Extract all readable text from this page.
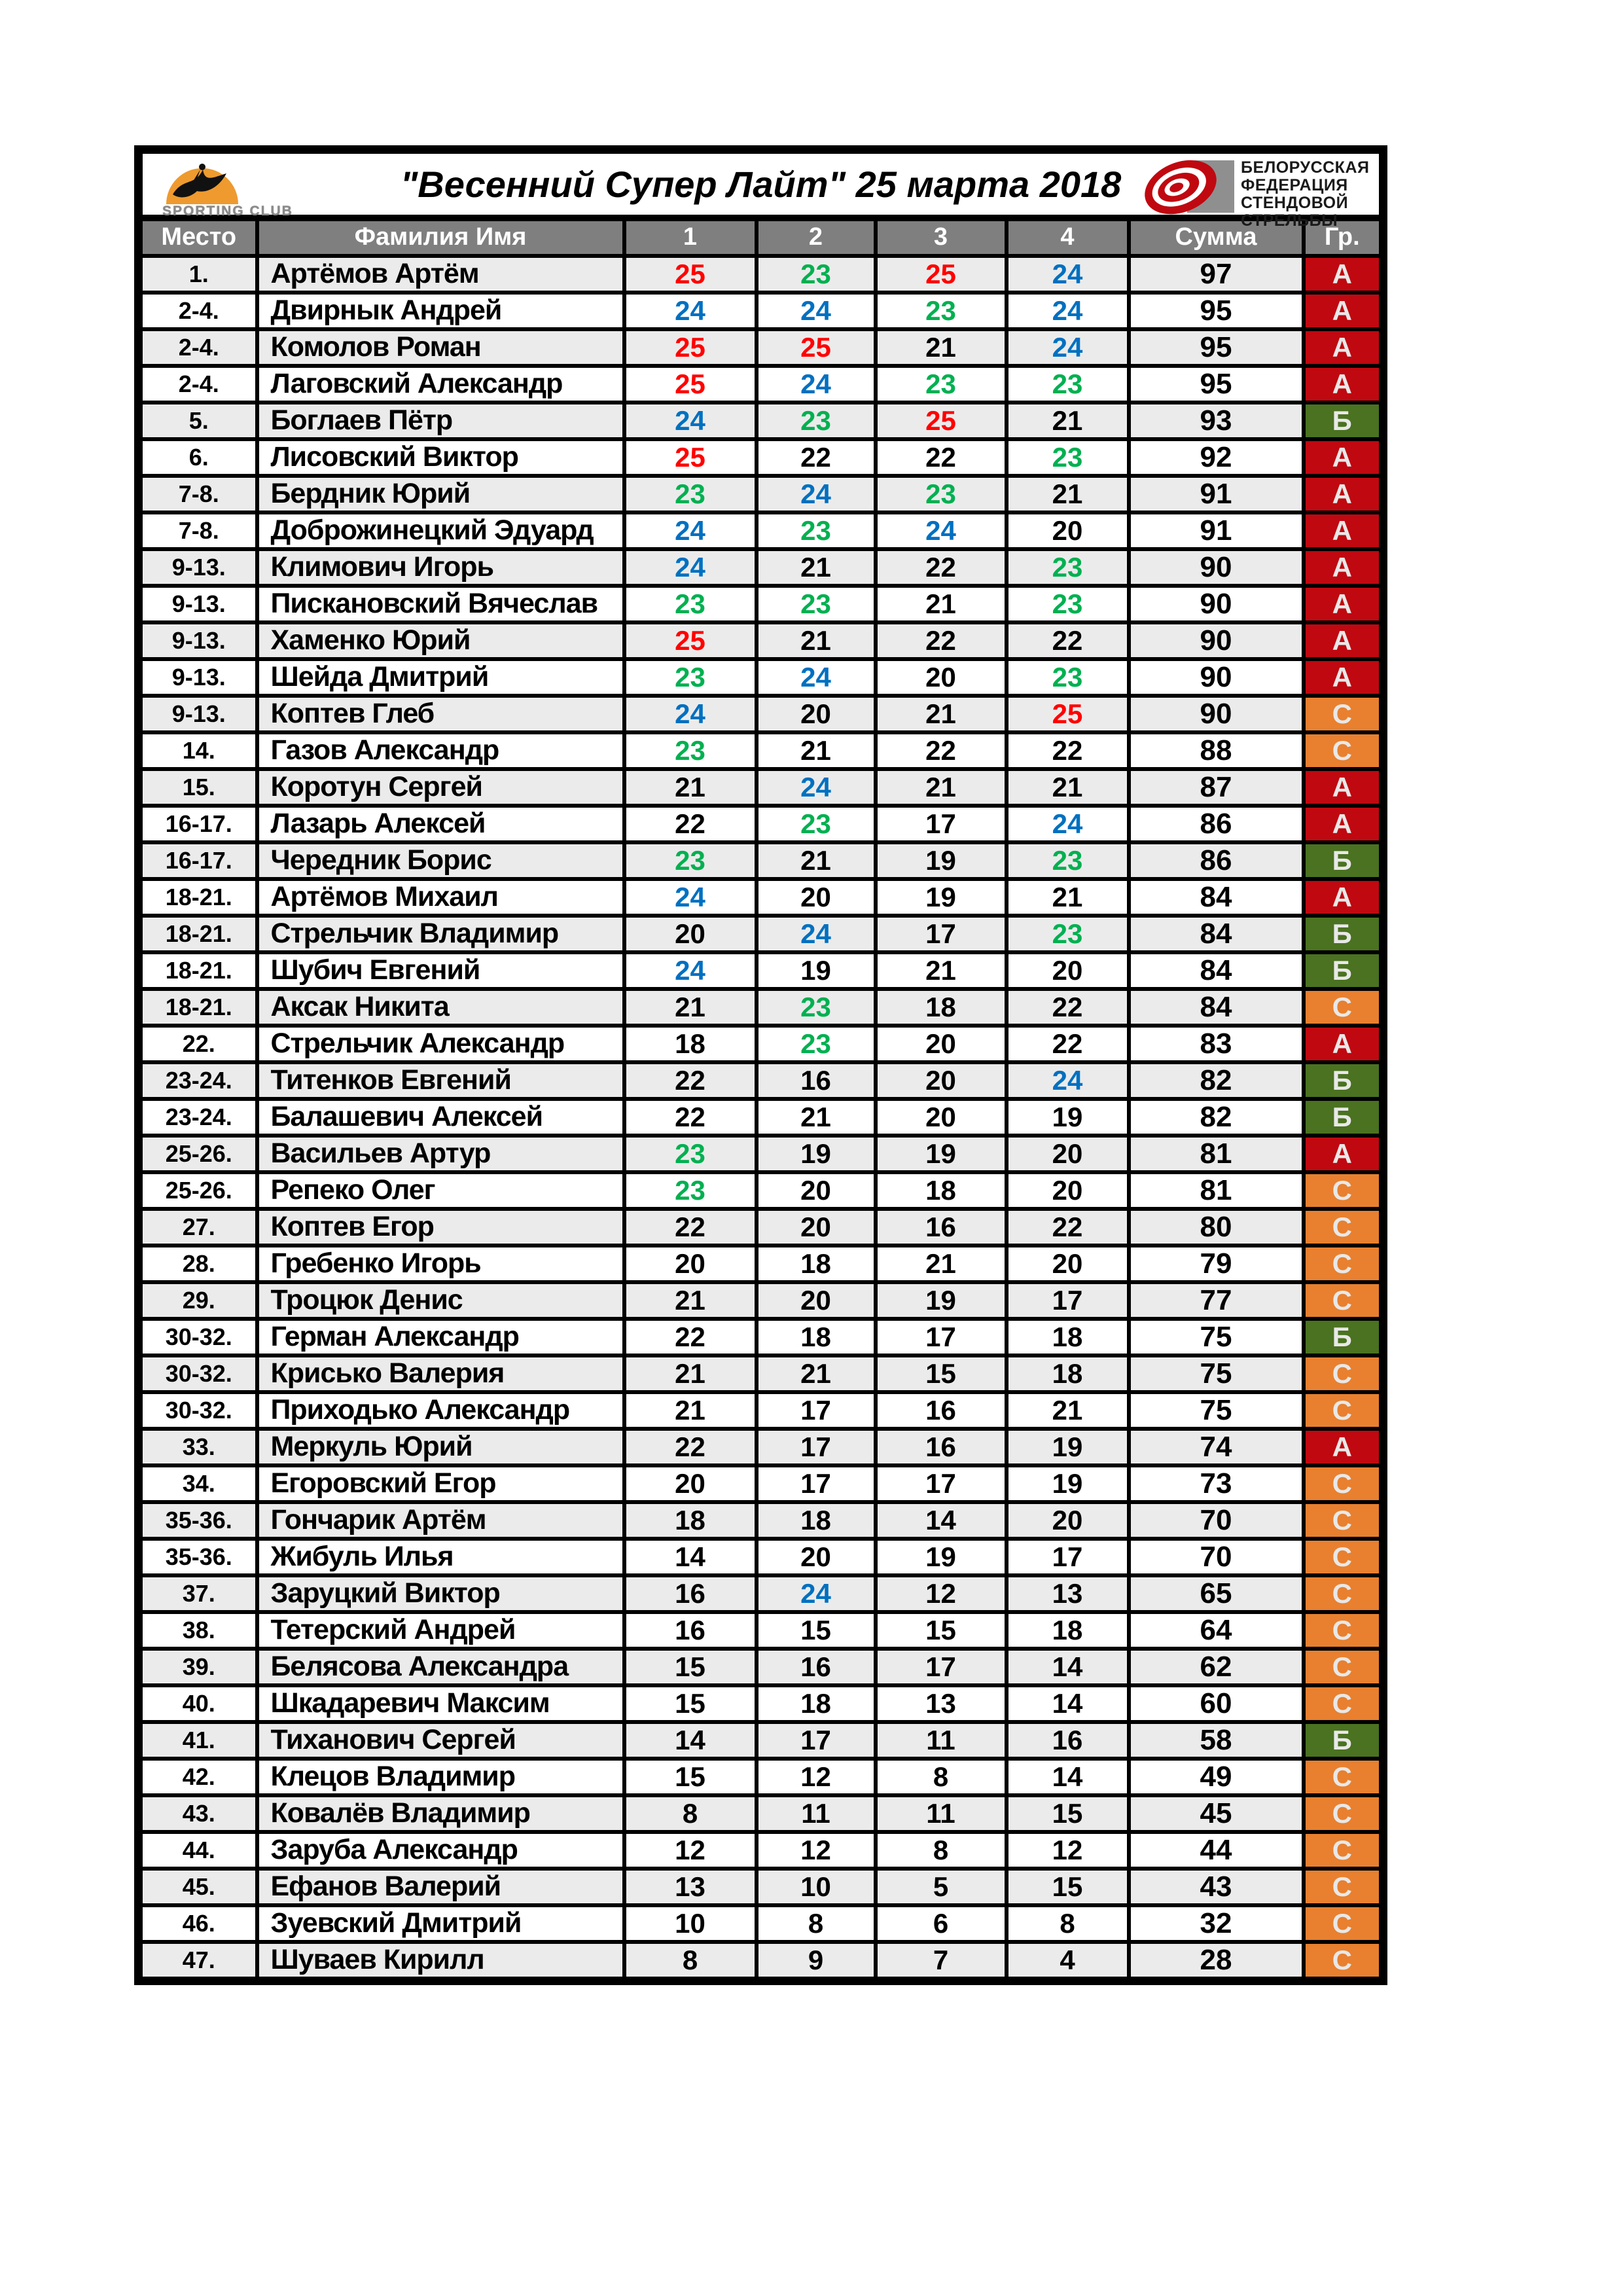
SPORTING CLUB
"Весенний Супер Лайт" 25 марта 2018	БЕЛОРУССКАЯ
ФЕДЕРАЦИЯ
СТЕНДОВОЙ
СТРЕЛЬБЫ

Место	Фамилия Имя	1	2	3	4	Сумма	Гр.
1.	Артёмов Артём	25	23	25	24	97	А
2-4.	Двирнык Андрей	24	24	23	24	95	А
2-4.	Комолов Роман	25	25	21	24	95	А
2-4.	Лаговский Александр	25	24	23	23	95	А
5.	Боглаев Пётр	24	23	25	21	93	Б
6.	Лисовский Виктор	25	22	22	23	92	А
7-8.	Бердник Юрий	23	24	23	21	91	А
7-8.	Доброжинецкий Эдуард	24	23	24	20	91	А
9-13.	Климович Игорь	24	21	22	23	90	А
9-13.	Пискановский Вячеслав	23	23	21	23	90	А
9-13.	Хаменко Юрий	25	21	22	22	90	А
9-13.	Шейда Дмитрий	23	24	20	23	90	А
9-13.	Коптев Глеб	24	20	21	25	90	С
14.	Газов Александр	23	21	22	22	88	С
15.	Коротун Сергей	21	24	21	21	87	А
16-17.	Лазарь Алексей	22	23	17	24	86	А
16-17.	Чередник Борис	23	21	19	23	86	Б
18-21.	Артёмов Михаил	24	20	19	21	84	А
18-21.	Стрельчик Владимир	20	24	17	23	84	Б
18-21.	Шубич Евгений	24	19	21	20	84	Б
18-21.	Аксак Никита	21	23	18	22	84	С
22.	Стрельчик Александр	18	23	20	22	83	А
23-24.	Титенков Евгений	22	16	20	24	82	Б
23-24.	Балашевич Алексей	22	21	20	19	82	Б
25-26.	Васильев Артур	23	19	19	20	81	А
25-26.	Репеко Олег	23	20	18	20	81	С
27.	Коптев Егор	22	20	16	22	80	С
28.	Гребенко Игорь	20	18	21	20	79	С
29.	Троцюк Денис	21	20	19	17	77	С
30-32.	Герман Александр	22	18	17	18	75	Б
30-32.	Крисько Валерия	21	21	15	18	75	С
30-32.	Приходько Александр	21	17	16	21	75	С
33.	Меркуль Юрий	22	17	16	19	74	А
34.	Егоровский Егор	20	17	17	19	73	С
35-36.	Гончарик Артём	18	18	14	20	70	С
35-36.	Жибуль Илья	14	20	19	17	70	С
37.	Заруцкий Виктор	16	24	12	13	65	С
38.	Тетерский Андрей	16	15	15	18	64	С
39.	Белясова Александра	15	16	17	14	62	С
40.	Шкадаревич Максим	15	18	13	14	60	С
41.	Тиханович Сергей	14	17	11	16	58	Б
42.	Клецов Владимир	15	12	8	14	49	С
43.	Ковалёв Владимир	8	11	11	15	45	С
44.	Заруба Александр	12	12	8	12	44	С
45.	Ефанов Валерий	13	10	5	15	43	С
46.	Зуевский Дмитрий	10	8	6	8	32	С
47.	Шуваев Кирилл	8	9	7	4	28	С
